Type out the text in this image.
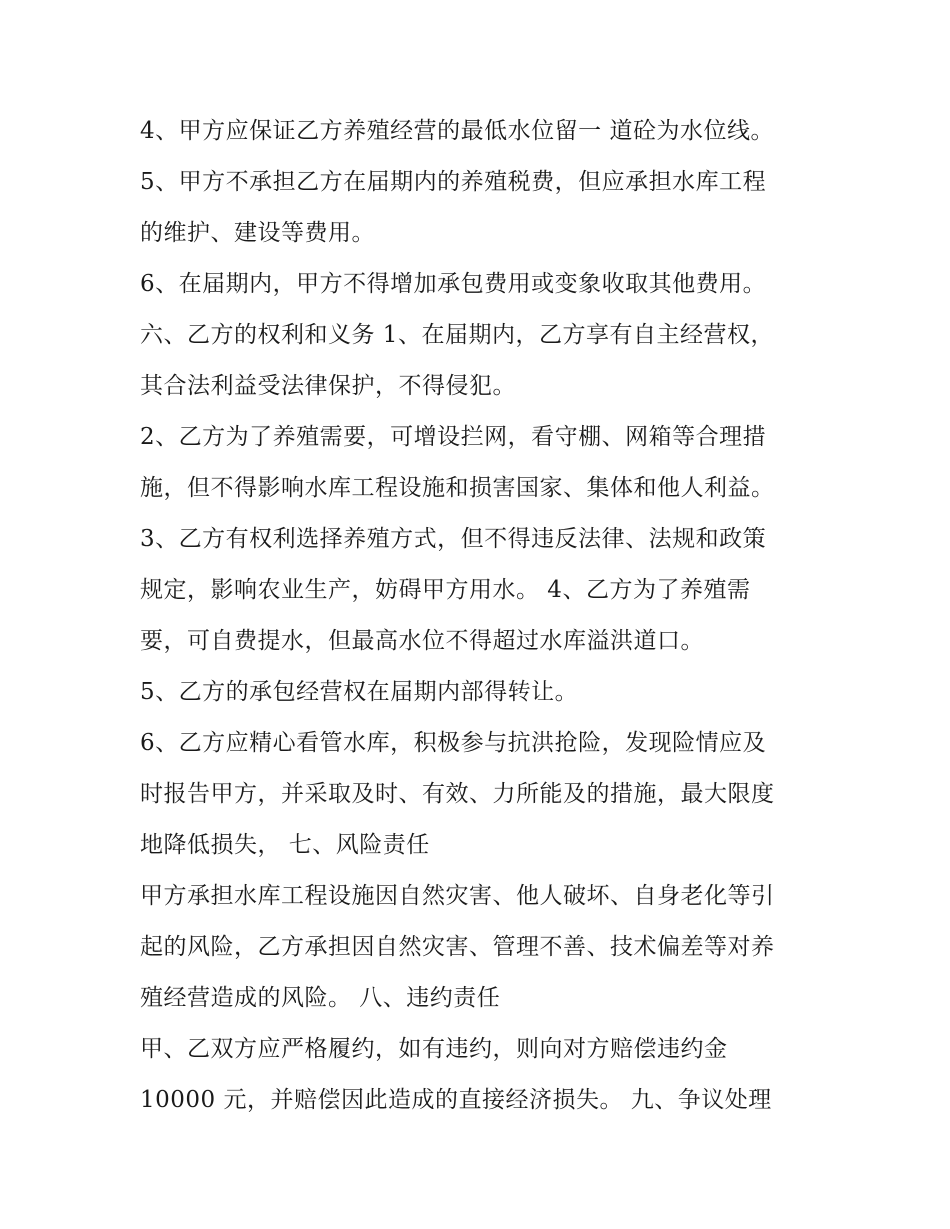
4、甲方应保证乙方养殖经营的最低水位留一 道砼为水位线。
5、甲方不承担乙方在届期内的养殖税费，但应承担水库工程
的维护、建设等费用。
6、在届期内，甲方不得增加承包费用或变象收取其他费用。
六、乙方的权利和义务 1、在届期内，乙方享有自主经营权，
其合法利益受法律保护，不得侵犯。
2、乙方为了养殖需要，可增设拦网，看守棚、网箱等合理措
施，但不得影响水库工程设施和损害国家、集体和他人利益。
3、乙方有权利选择养殖方式，但不得违反法律、法规和政策
规定，影响农业生产，妨碍甲方用水。 4、乙方为了养殖需
要，可自费提水，但最高水位不得超过水库溢洪道口。
5、乙方的承包经营权在届期内部得转让。
6、乙方应精心看管水库，积极参与抗洪抢险，发现险情应及
时报告甲方，并采取及时、有效、力所能及的措施，最大限度
地降低损失， 七、风险责任
甲方承担水库工程设施因自然灾害、他人破坏、自身老化等引
起的风险，乙方承担因自然灾害、管理不善、技术偏差等对养
殖经营造成的风险。 八、违约责任
甲、乙双方应严格履约，如有违约，则向对方赔偿违约金
10000 元，并赔偿因此造成的直接经济损失。 九、争议处理
